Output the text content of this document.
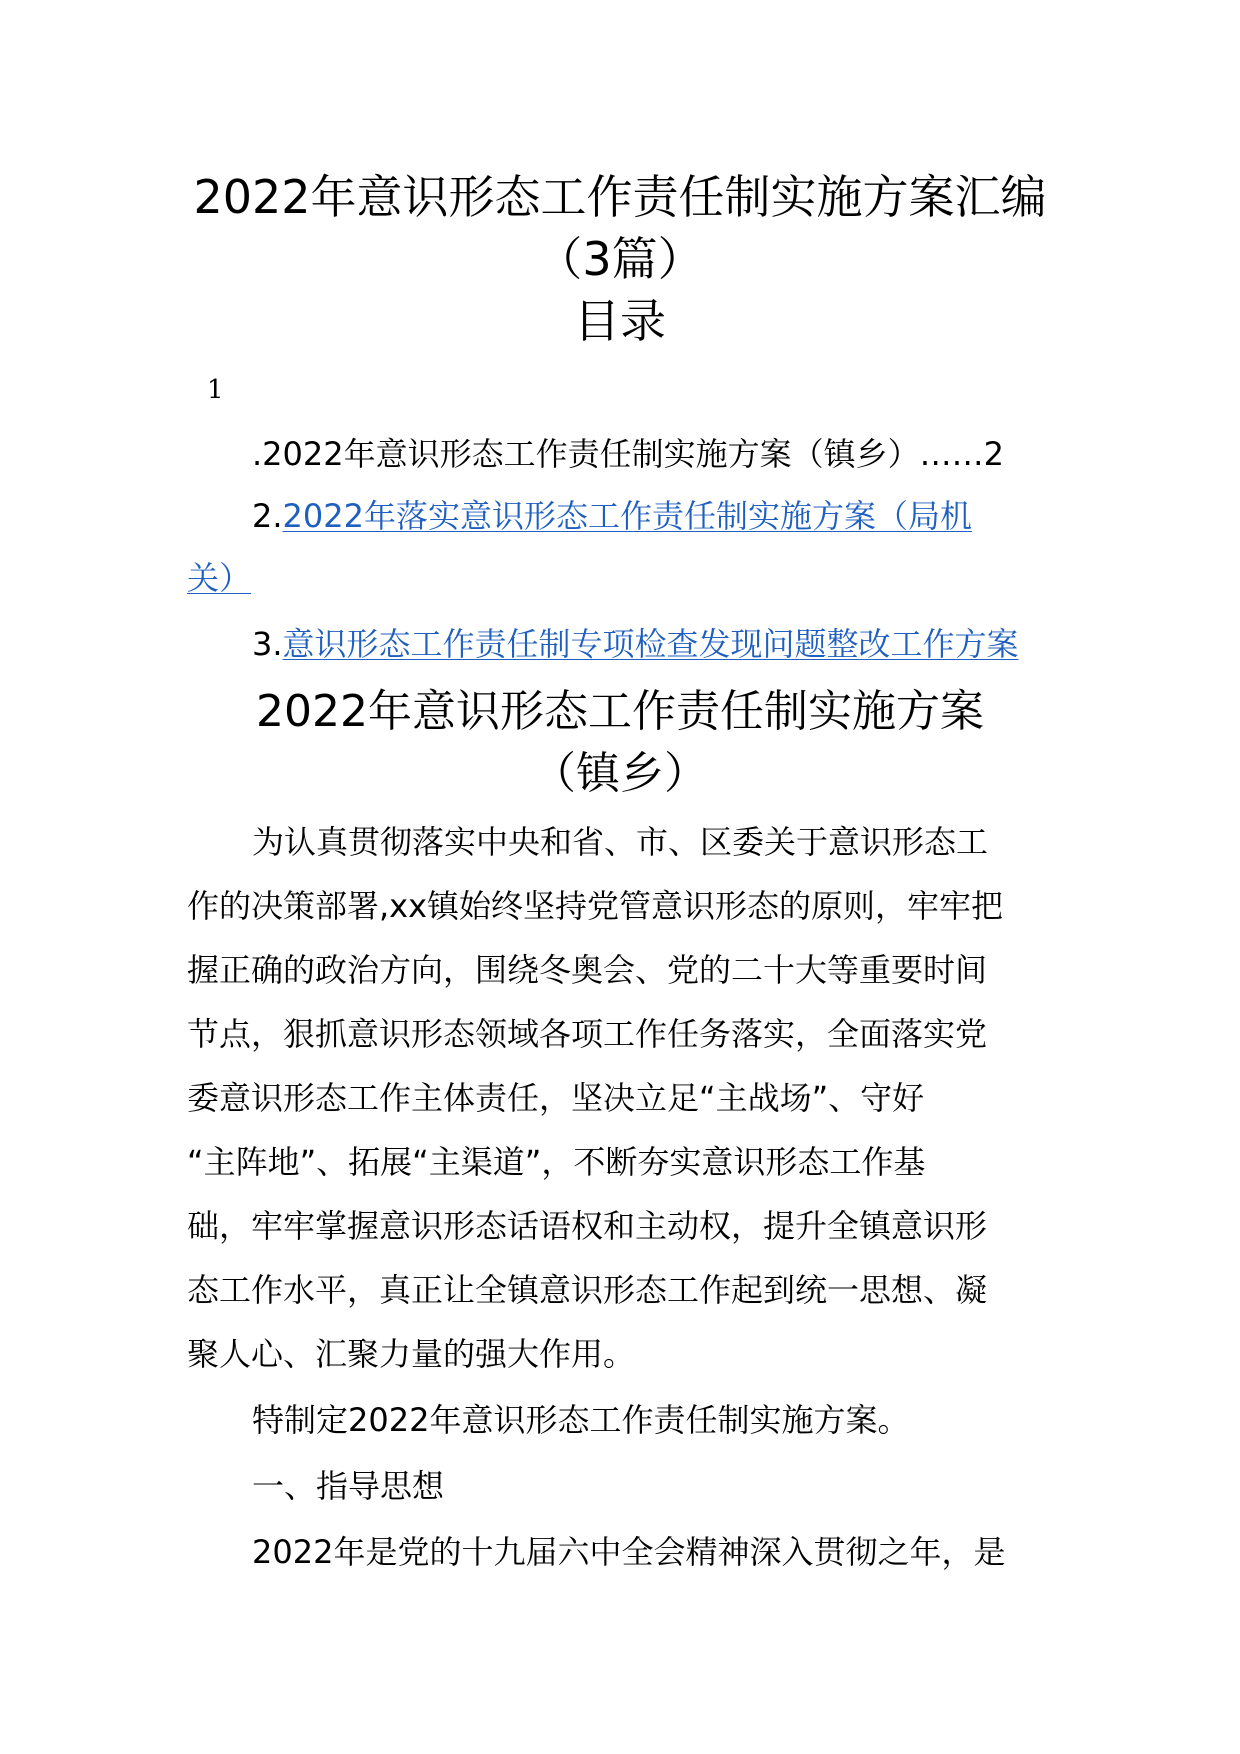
2022年意识形态工作责任制实施方案汇编
（3篇）
目录
1
.2022年意识形态工作责任制实施方案（镇乡）……2
2.2022年落实意识形态工作责任制实施方案（局机
关）
3.意识形态工作责任制专项检查发现问题整改工作方案
2022年意识形态工作责任制实施方案
（镇乡）
为认真贯彻落实中央和省、市、区委关于意识形态工
作的决策部署,xx镇始终坚持党管意识形态的原则，牢牢把
握正确的政治方向，围绕冬奥会、党的二十大等重要时间
节点，狠抓意识形态领域各项工作任务落实，全面落实党
委意识形态工作主体责任，坚决立足“主战场”、守好
“主阵地”、拓展“主渠道”，不断夯实意识形态工作基
础，牢牢掌握意识形态话语权和主动权，提升全镇意识形
态工作水平，真正让全镇意识形态工作起到统一思想、凝
聚人心、汇聚力量的强大作用。
特制定2022年意识形态工作责任制实施方案。
一、指导思想
2022年是党的十九届六中全会精神深入贯彻之年，是
